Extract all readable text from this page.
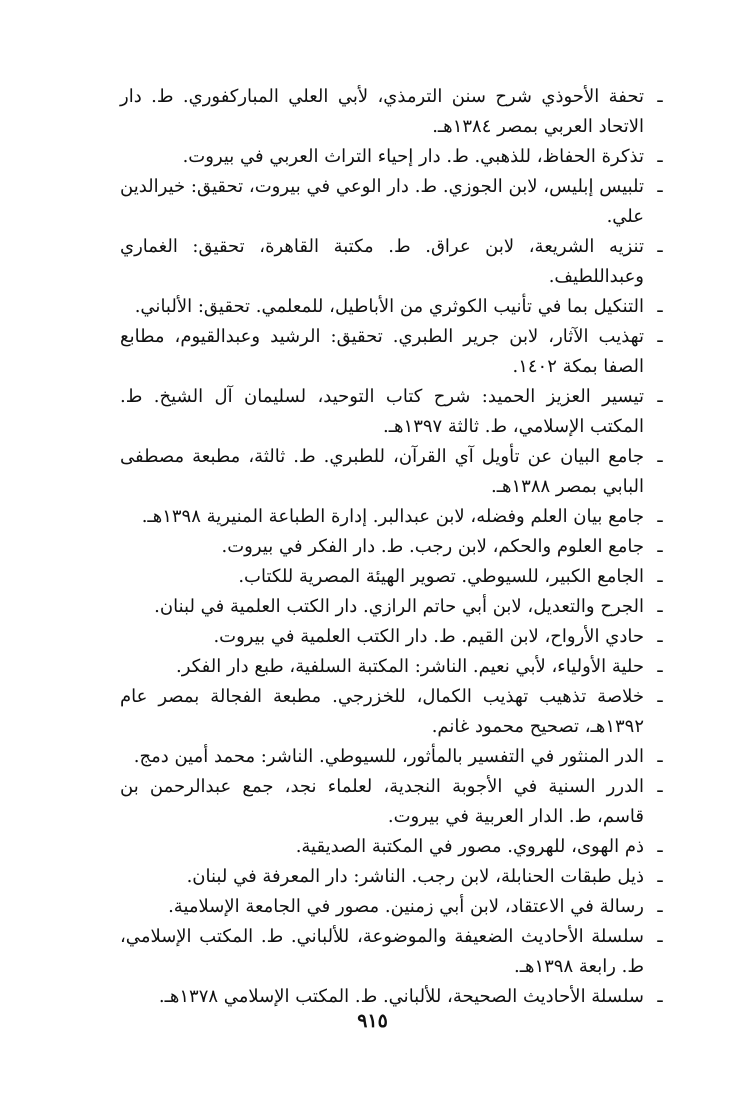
ـ
تحفة الأحوذي شرح سنن الترمذي، لأبي العلي المباركفوري. ط. دار الاتحاد العربي بمصر ١٣٨٤هـ.
ـ
تذكرة الحفاظ، للذهبي. ط. دار إحياء التراث العربي في بيروت.
ـ
تلبيس إبليس، لابن الجوزي. ط. دار الوعي في بيروت، تحقيق: خيرالدين علي.
ـ
تنزيه الشريعة، لابن عراق. ط. مكتبة القاهرة، تحقيق: الغماري وعبداللطيف.
ـ
التنكيل بما في تأنيب الكوثري من الأباطيل، للمعلمي. تحقيق: الألباني.
ـ
تهذيب الآثار، لابن جرير الطبري. تحقيق: الرشيد وعبدالقيوم، مطابع الصفا بمكة ١٤٠٢.
ـ
تيسير العزيز الحميد: شرح كتاب التوحيد، لسليمان آل الشيخ. ط. المكتب الإسلامي، ط. ثالثة ١٣٩٧هـ.
ـ
جامع البيان عن تأويل آي القرآن، للطبري. ط. ثالثة، مطبعة مصطفى البابي بمصر ١٣٨٨هـ.
ـ
جامع بيان العلم وفضله، لابن عبدالبر. إدارة الطباعة المنيرية ١٣٩٨هـ.
ـ
جامع العلوم والحكم، لابن رجب. ط. دار الفكر في بيروت.
ـ
الجامع الكبير، للسيوطي. تصوير الهيئة المصرية للكتاب.
ـ
الجرح والتعديل، لابن أبي حاتم الرازي. دار الكتب العلمية في لبنان.
ـ
حادي الأرواح، لابن القيم. ط. دار الكتب العلمية في بيروت.
ـ
حلية الأولياء، لأبي نعيم. الناشر: المكتبة السلفية، طبع دار الفكر.
ـ
خلاصة تذهيب تهذيب الكمال، للخزرجي. مطبعة الفجالة بمصر عام ١٣٩٢هـ، تصحيح محمود غانم.
ـ
الدر المنثور في التفسير بالمأثور، للسيوطي. الناشر: محمد أمين دمج.
ـ
الدرر السنية في الأجوبة النجدية، لعلماء نجد، جمع عبدالرحمن بن قاسم، ط. الدار العربية في بيروت.
ـ
ذم الهوى، للهروي. مصور في المكتبة الصديقية.
ـ
ذيل طبقات الحنابلة، لابن رجب. الناشر: دار المعرفة في لبنان.
ـ
رسالة في الاعتقاد، لابن أبي زمنين. مصور في الجامعة الإسلامية.
ـ
سلسلة الأحاديث الضعيفة والموضوعة، للألباني. ط. المكتب الإسلامي، ط. رابعة ١٣٩٨هـ.
ـ
سلسلة الأحاديث الصحيحة، للألباني. ط. المكتب الإسلامي ١٣٧٨هـ.
٩١٥
